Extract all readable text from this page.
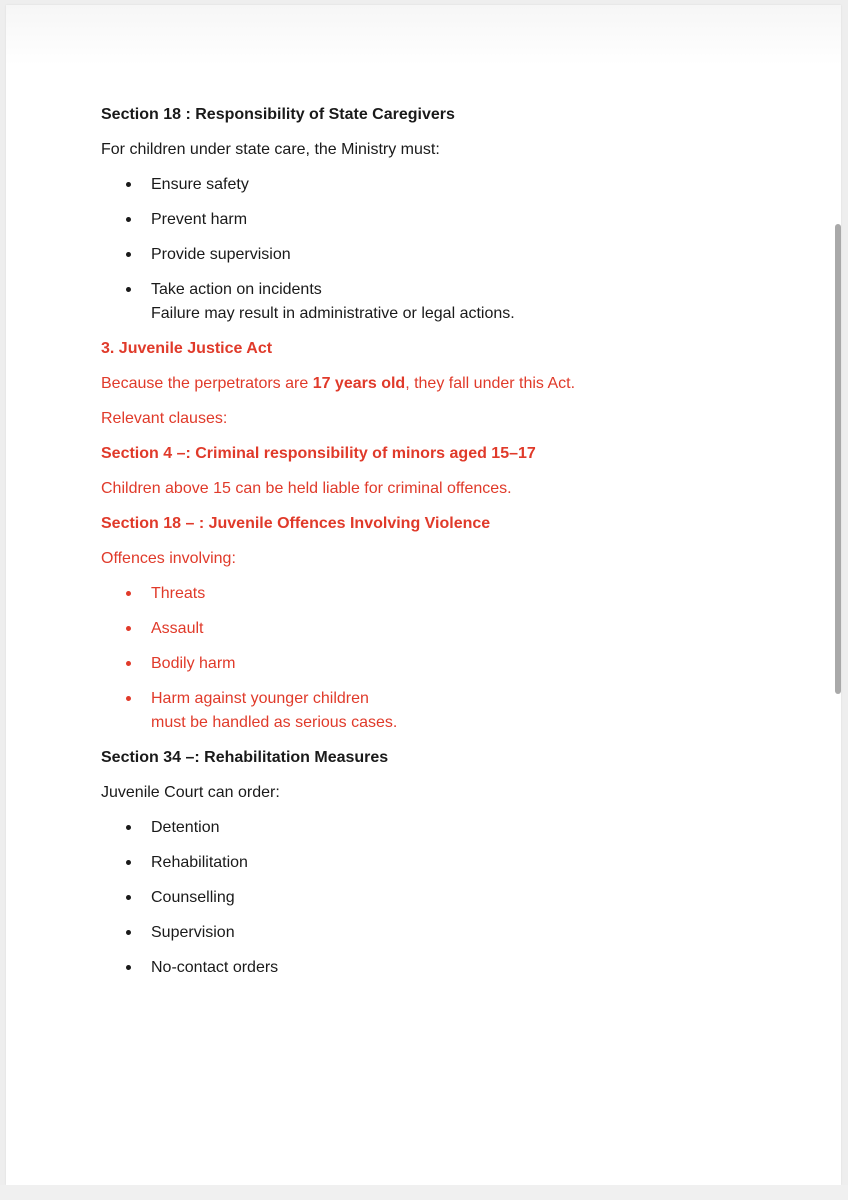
Section 18 : Responsibility of State Caregivers
For children under state care, the Ministry must:
Ensure safety
Prevent harm
Provide supervision
Take action on incidents
Failure may result in administrative or legal actions.
3. Juvenile Justice Act
Because the perpetrators are 17 years old, they fall under this Act.
Relevant clauses:
Section 4 –: Criminal responsibility of minors aged 15–17
Children above 15 can be held liable for criminal offences.
Section 18 – : Juvenile Offences Involving Violence
Offences involving:
Threats
Assault
Bodily harm
Harm against younger children
must be handled as serious cases.
Section 34 –: Rehabilitation Measures
Juvenile Court can order:
Detention
Rehabilitation
Counselling
Supervision
No-contact orders
